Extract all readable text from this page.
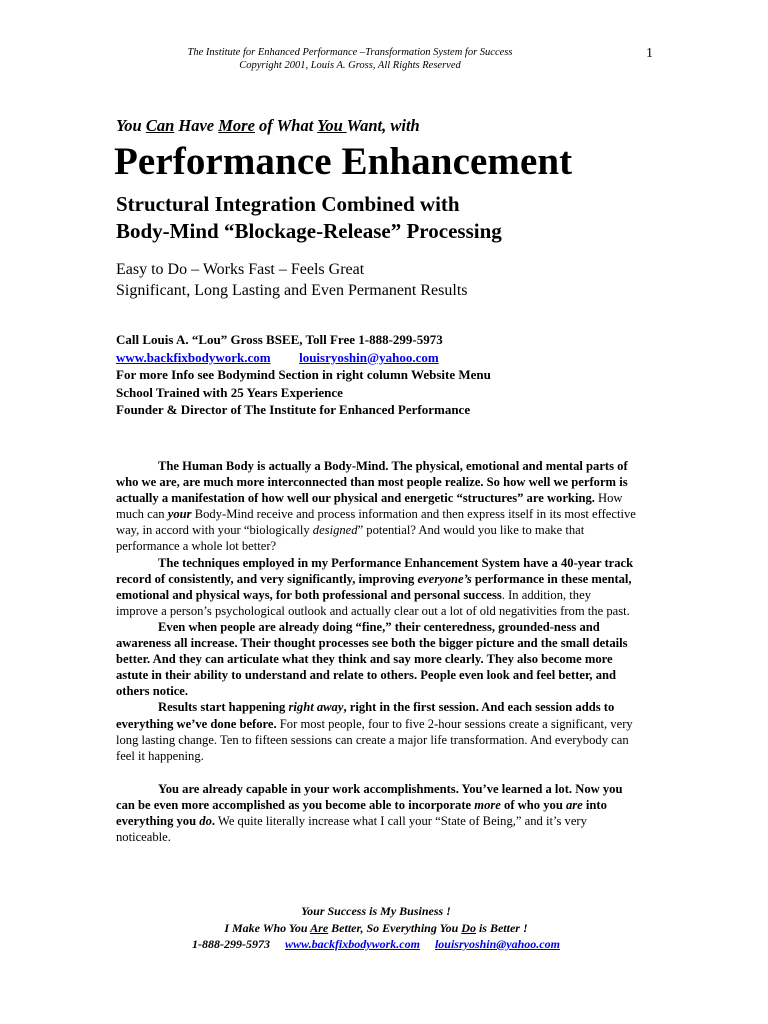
The Institute for Enhanced Performance –Transformation System for Success
Copyright 2001, Louis A. Gross, All Rights Reserved
1
You Can Have More of What You Want, with
Performance Enhancement
Structural Integration Combined with
Body-Mind “Blockage-Release” Processing
Easy to Do – Works Fast – Feels Great
Significant, Long Lasting and Even Permanent Results
Call Louis A. “Lou” Gross BSEE, Toll Free 1-888-299-5973
www.backfixbodywork.com louisryoshin@yahoo.com
For more Info see Bodymind Section in right column Website Menu
School Trained with 25 Years Experience
Founder & Director of The Institute for Enhanced Performance

The Human Body is actually a Body-Mind. The physical, emotional and mental parts of who we are, are much more interconnected than most people realize. So how well we perform is actually a manifestation of how well our physical and energetic “structures” are working. How much can your Body-Mind receive and process information and then express itself in its most effective way, in accord with your “biologically designed” potential? And would you like to make that performance a whole lot better?

The techniques employed in my Performance Enhancement System have a 40-year track record of consistently, and very significantly, improving everyone’s performance in these mental, emotional and physical ways, for both professional and personal success. In addition, they improve a person’s psychological outlook and actually clear out a lot of old negativities from the past.

Even when people are already doing “fine,” their centeredness, grounded-ness and awareness all increase. Their thought processes see both the bigger picture and the small details better. And they can articulate what they think and say more clearly. They also become more astute in their ability to understand and relate to others. People even look and feel better, and others notice.

Results start happening right away, right in the first session. And each session adds to everything we’ve done before. For most people, four to five 2-hour sessions create a significant, very long lasting change. Ten to fifteen sessions can create a major life transformation. And everybody can feel it happening.

You are already capable in your work accomplishments. You’ve learned a lot. Now you can be even more accomplished as you become able to incorporate more of who you are into everything you do. We quite literally increase what I call your “State of Being,” and it’s very noticeable.

Your Success is My Business !
I Make Who You Are Better, So Everything You Do is Better !
1-888-299-5973 www.backfixbodywork.com louisryoshin@yahoo.com
